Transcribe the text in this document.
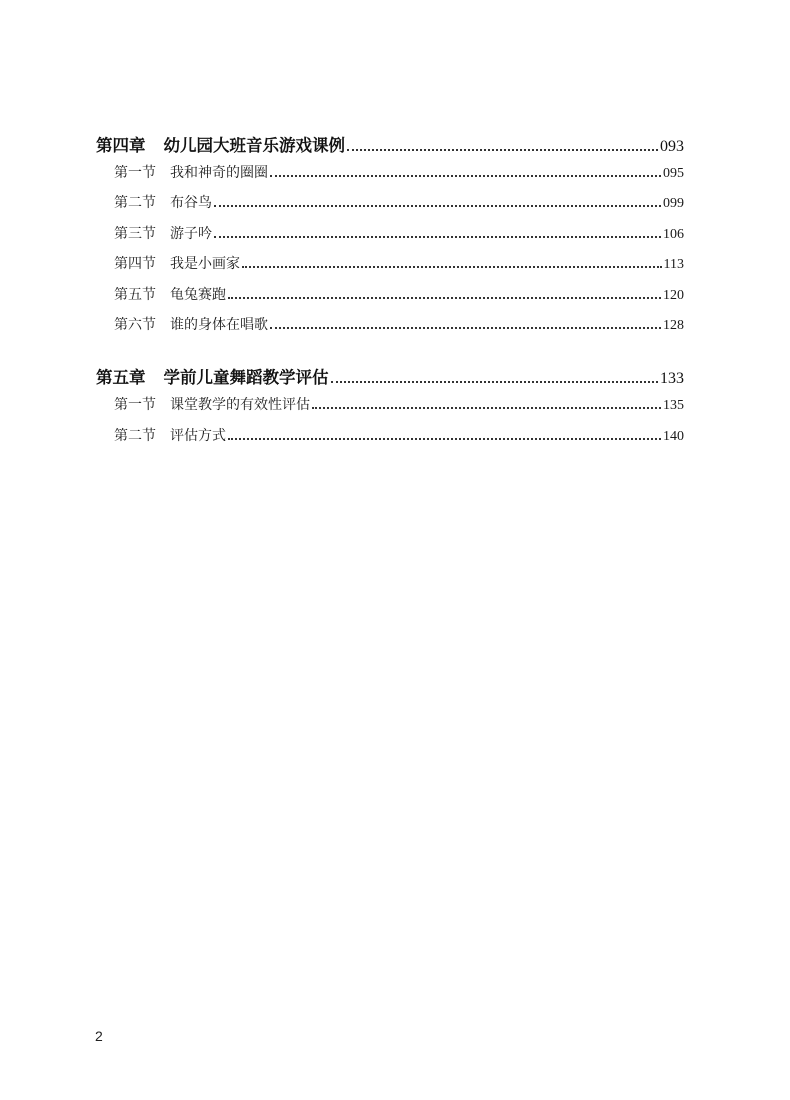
第四章 幼儿园大班音乐游戏课例	093
第一节 我和神奇的圈圈	095
第二节 布谷鸟	099
第三节 游子吟	106
第四节 我是小画家	113
第五节 龟兔赛跑	120
第六节 谁的身体在唱歌	128
第五章 学前儿童舞蹈教学评估	133
第一节 课堂教学的有效性评估	135
第二节 评估方式	140
2
